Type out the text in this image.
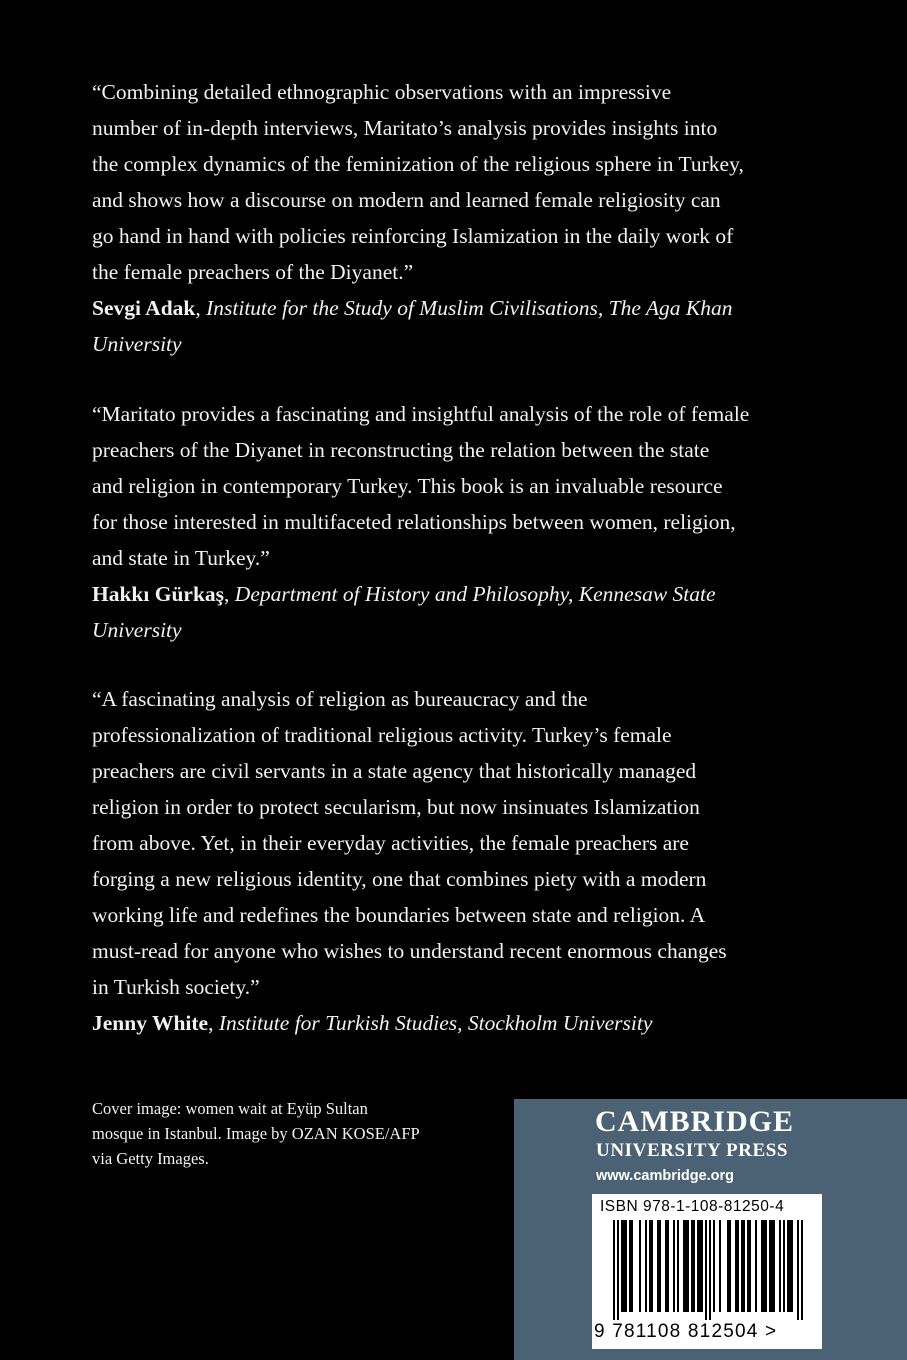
“Combining detailed ethnographic observations with an impressive
number of in-depth interviews, Maritato’s analysis provides insights into
the complex dynamics of the feminization of the religious sphere in Turkey,
and shows how a discourse on modern and learned female religiosity can
go hand in hand with policies reinforcing Islamization in the daily work of
the female preachers of the Diyanet.”

Sevgi Adak, Institute for the Study of Muslim Civilisations, The Aga Khan
University

“Maritato provides a fascinating and insightful analysis of the role of female
preachers of the Diyanet in reconstructing the relation between the state
and religion in contemporary Turkey. This book is an invaluable resource
for those interested in multifaceted relationships between women, religion,
and state in Turkey.”

Hakkı Gürkaş, Department of History and Philosophy, Kennesaw State
University

“A fascinating analysis of religion as bureaucracy and the
professionalization of traditional religious activity. Turkey’s female
preachers are civil servants in a state agency that historically managed
religion in order to protect secularism, but now insinuates Islamization
from above. Yet, in their everyday activities, the female preachers are
forging a new religious identity, one that combines piety with a modern
working life and redefines the boundaries between state and religion. A
must-read for anyone who wishes to understand recent enormous changes
in Turkish society.”

Jenny White, Institute for Turkish Studies, Stockholm University

Cover image: women wait at Eyüp Sultan
mosque in Istanbul. Image by OZAN KOSE/AFP
via Getty Images.
CAMBRIDGE
UNIVERSITY PRESS
www.cambridge.org
ISBN 978-1-108-81250-4
9 781108 812504 >
